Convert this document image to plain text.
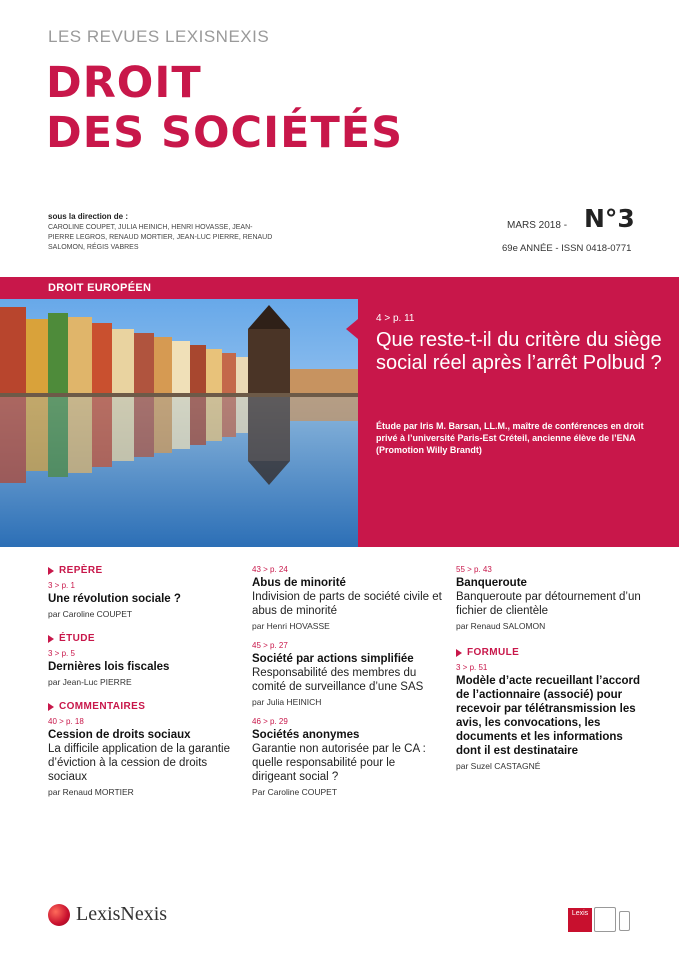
LES REVUES LEXISNEXIS
DROIT
DES SOCIÉTÉS
sous la direction de :
CAROLINE COUPET, JULIA HEINICH, HENRI HOVASSE, JEAN-PIERRE LEGROS, RENAUD MORTIER, JEAN-LUC PIERRE, RENAUD SALOMON, RÉGIS VABRES
MARS 2018 - N°3
69e ANNÉE - ISSN 0418-0771
DROIT EUROPÉEN
4 > p. 11
Que reste-t-il du critère du siège social réel après l’arrêt Polbud ?
Étude par Iris M. Barsan, LL.M., maître de conférences en droit privé à l’université Paris-Est Créteil, ancienne élève de l’ENA (Promotion Willy Brandt)
REPÈRE
3 > p. 1
Une révolution sociale ?
par Caroline COUPET
ÉTUDE
3 > p. 5
Dernières lois fiscales
par Jean-Luc PIERRE
COMMENTAIRES
40 > p. 18
Cession de droits sociaux
La difficile application de la garantie d’éviction à la cession de droits sociaux
par Renaud MORTIER
43 > p. 24
Abus de minorité
Indivision de parts de société civile et abus de minorité
par Henri HOVASSE
45 > p. 27
Société par actions simplifiée
Responsabilité des membres du comité de surveillance d’une SAS
par Julia HEINICH
46 > p. 29
Sociétés anonymes
Garantie non autorisée par le CA : quelle responsabilité pour le dirigeant social ?
Par Caroline COUPET
55 > p. 43
Banqueroute
Banqueroute par détournement d’un fichier de clientèle
par Renaud SALOMON
FORMULE
3 > p. 51
Modèle d’acte recueillant l’accord de l’actionnaire (associé) pour recevoir par télétransmission les avis, les convocations, les documents et les informations dont il est destinataire
par Suzel CASTAGNÉ
LexisNexis	Lexis
